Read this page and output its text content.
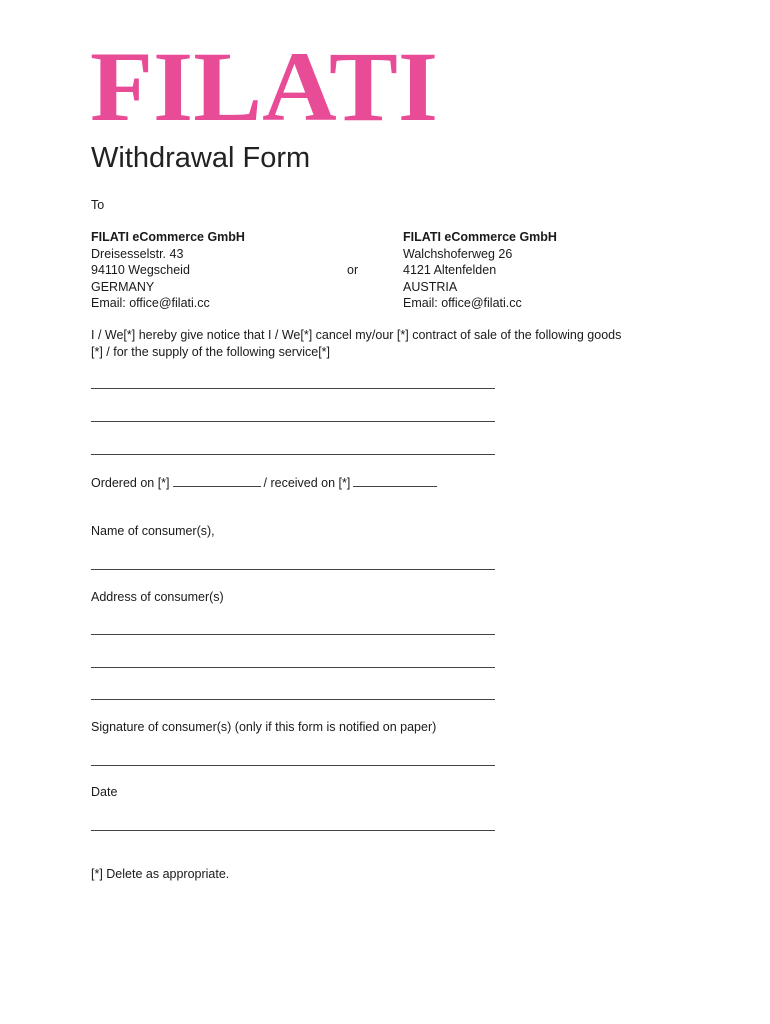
FILATI
Withdrawal Form
To
FILATI eCommerce GmbH
Dreisesselstr. 43
94110 Wegscheid
GERMANY
Email: office@filati.cc
or
FILATI eCommerce GmbH
Walchshoferweg 26
4121 Altenfelden
AUSTRIA
Email: office@filati.cc
I / We[*] hereby give notice that I / We[*] cancel my/our [*] contract of sale of the following goods
[*] / for the supply of the following service[*]
Ordered on [*]	/ received on [*]
Name of consumer(s),
Address of consumer(s)
Signature of consumer(s) (only if this form is notified on paper)
Date
[*] Delete as appropriate.
